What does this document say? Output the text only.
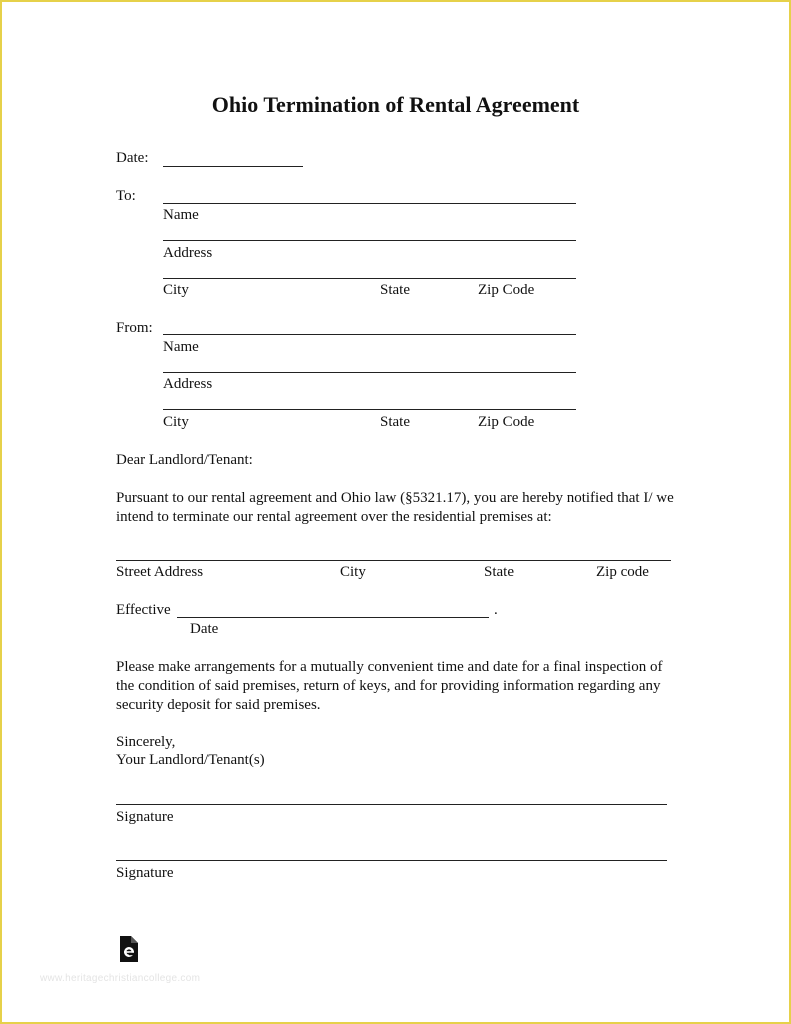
Ohio Termination of Rental Agreement
Date:
To:
Name
Address
City	State	Zip Code
From:
Name
Address
City	State	Zip Code
Dear Landlord/Tenant:
Pursuant to our rental agreement and Ohio law (§5321.17), you are hereby notified that I/ we intend to terminate our rental agreement over the residential premises at:
Street Address	City	State	Zip code
Effective	.
Date
Please make arrangements for a mutually convenient time and date for a final inspection of the condition of said premises, return of keys, and for providing information regarding any security deposit for said premises.
Sincerely,
Your Landlord/Tenant(s)
Signature
Signature
www.heritagechristiancollege.com
